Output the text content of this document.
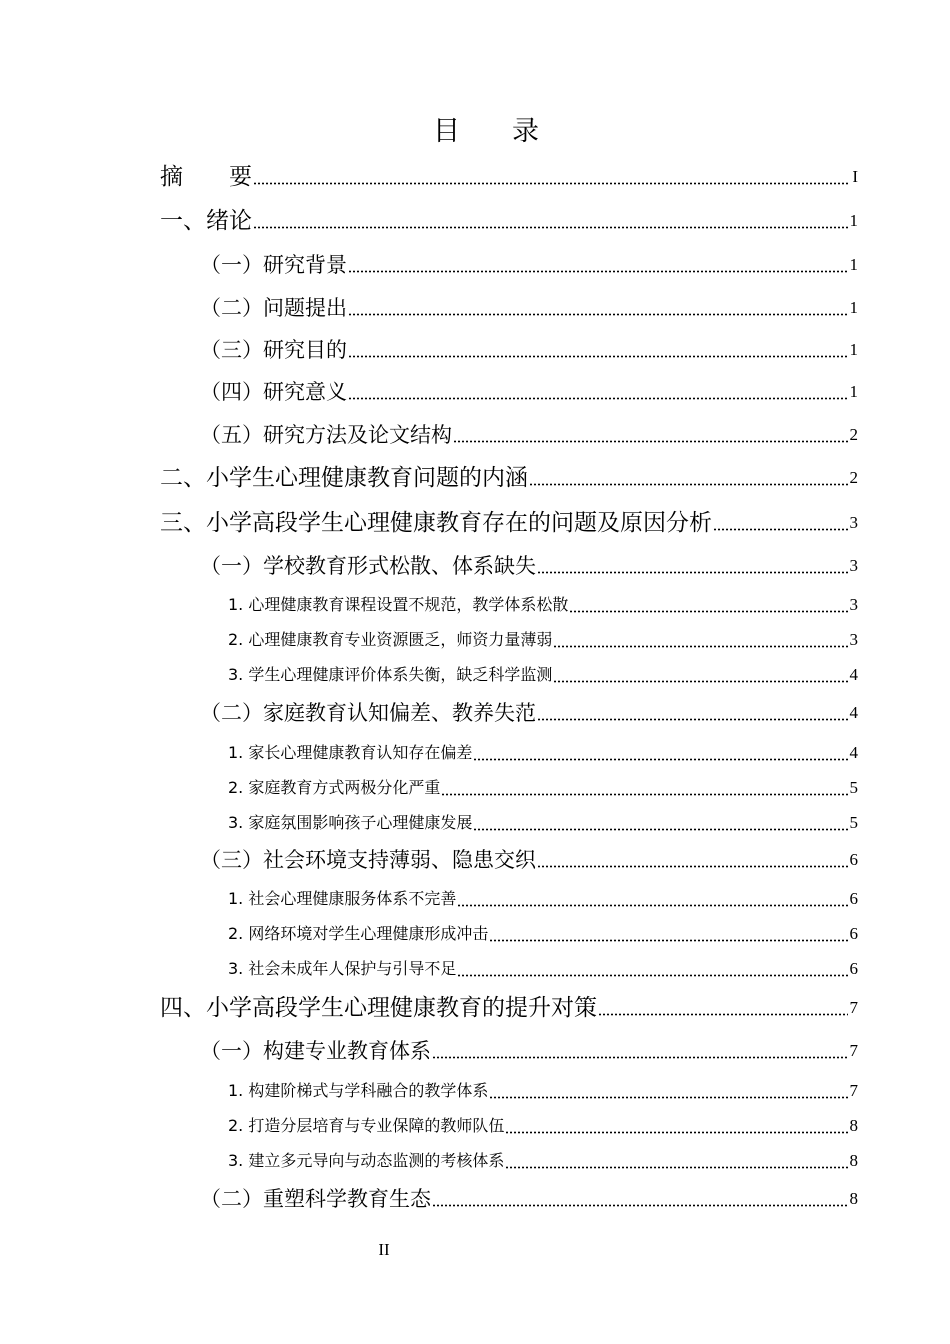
目录
摘　　要	I
一、绪论	1
（一）研究背景	1
（二）问题提出	1
（三）研究目的	1
（四）研究意义	1
（五）研究方法及论文结构	2
二、小学生心理健康教育问题的内涵	2
三、小学高段学生心理健康教育存在的问题及原因分析	3
（一）学校教育形式松散、体系缺失	3
1. 心理健康教育课程设置不规范，教学体系松散	3
2. 心理健康教育专业资源匮乏，师资力量薄弱	3
3. 学生心理健康评价体系失衡，缺乏科学监测	4
（二）家庭教育认知偏差、教养失范	4
1. 家长心理健康教育认知存在偏差	4
2. 家庭教育方式两极分化严重	5
3. 家庭氛围影响孩子心理健康发展	5
（三）社会环境支持薄弱、隐患交织	6
1. 社会心理健康服务体系不完善	6
2. 网络环境对学生心理健康形成冲击	6
3. 社会未成年人保护与引导不足	6
四、小学高段学生心理健康教育的提升对策	7
（一）构建专业教育体系	7
1. 构建阶梯式与学科融合的教学体系	7
2. 打造分层培育与专业保障的教师队伍	8
3. 建立多元导向与动态监测的考核体系	8
（二）重塑科学教育生态	8
II
